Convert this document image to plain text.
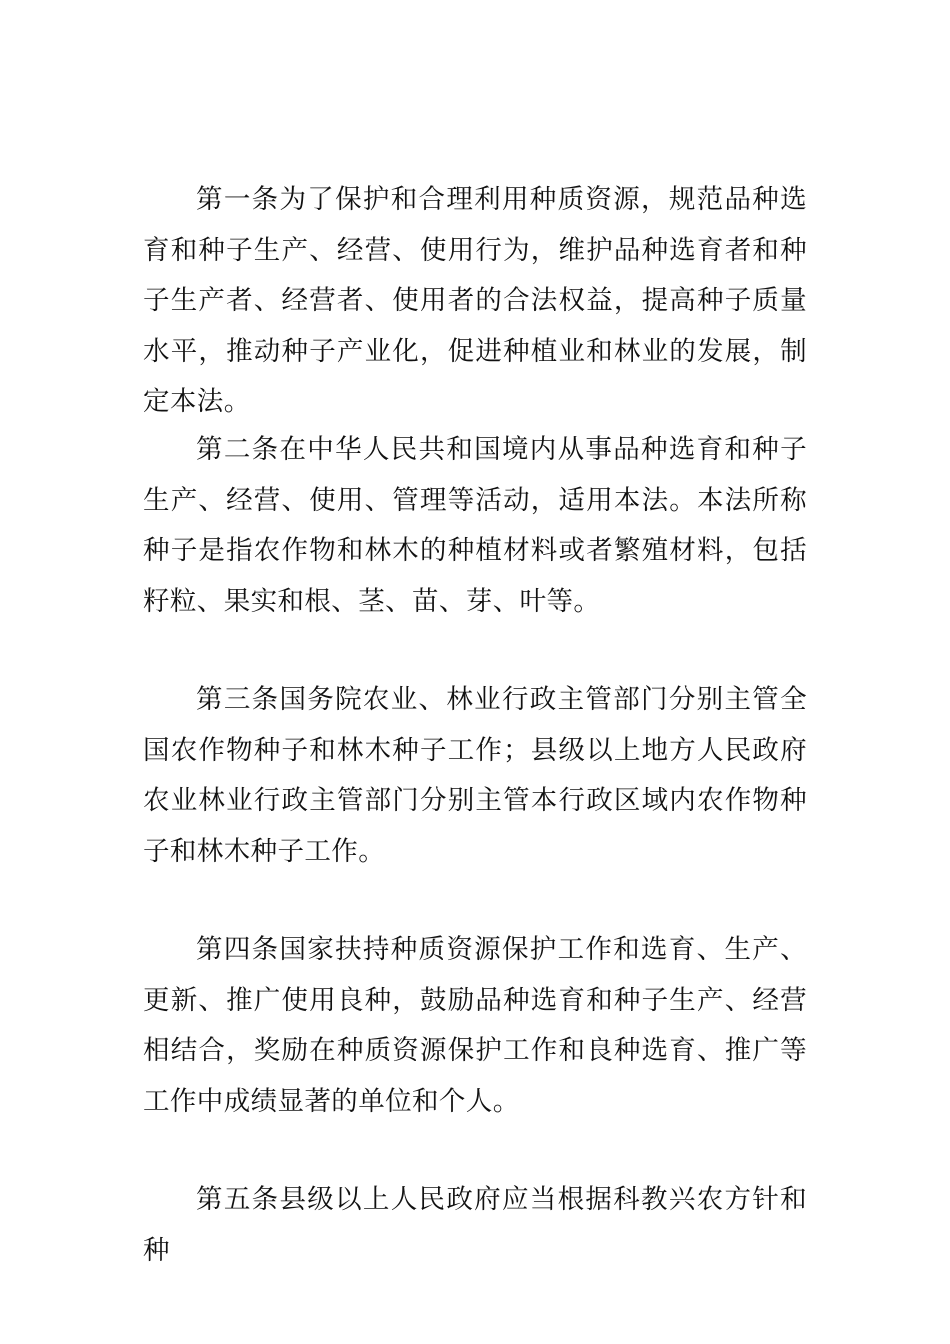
第一条为了保护和合理利用种质资源，规范品种选育和种子生产、经营、使用行为，维护品种选育者和种子生产者、经营者、使用者的合法权益，提高种子质量水平，推动种子产业化，促进种植业和林业的发展，制定本法。

第二条在中华人民共和国境内从事品种选育和种子生产、经营、使用、管理等活动，适用本法。本法所称种子是指农作物和林木的种植材料或者繁殖材料，包括籽粒、果实和根、茎、苗、芽、叶等。

第三条国务院农业、林业行政主管部门分别主管全国农作物种子和林木种子工作；县级以上地方人民政府农业林业行政主管部门分别主管本行政区域内农作物种子和林木种子工作。

第四条国家扶持种质资源保护工作和选育、生产、更新、推广使用良种，鼓励品种选育和种子生产、经营相结合，奖励在种质资源保护工作和良种选育、推广等工作中成绩显著的单位和个人。

第五条县级以上人民政府应当根据科教兴农方针和种
